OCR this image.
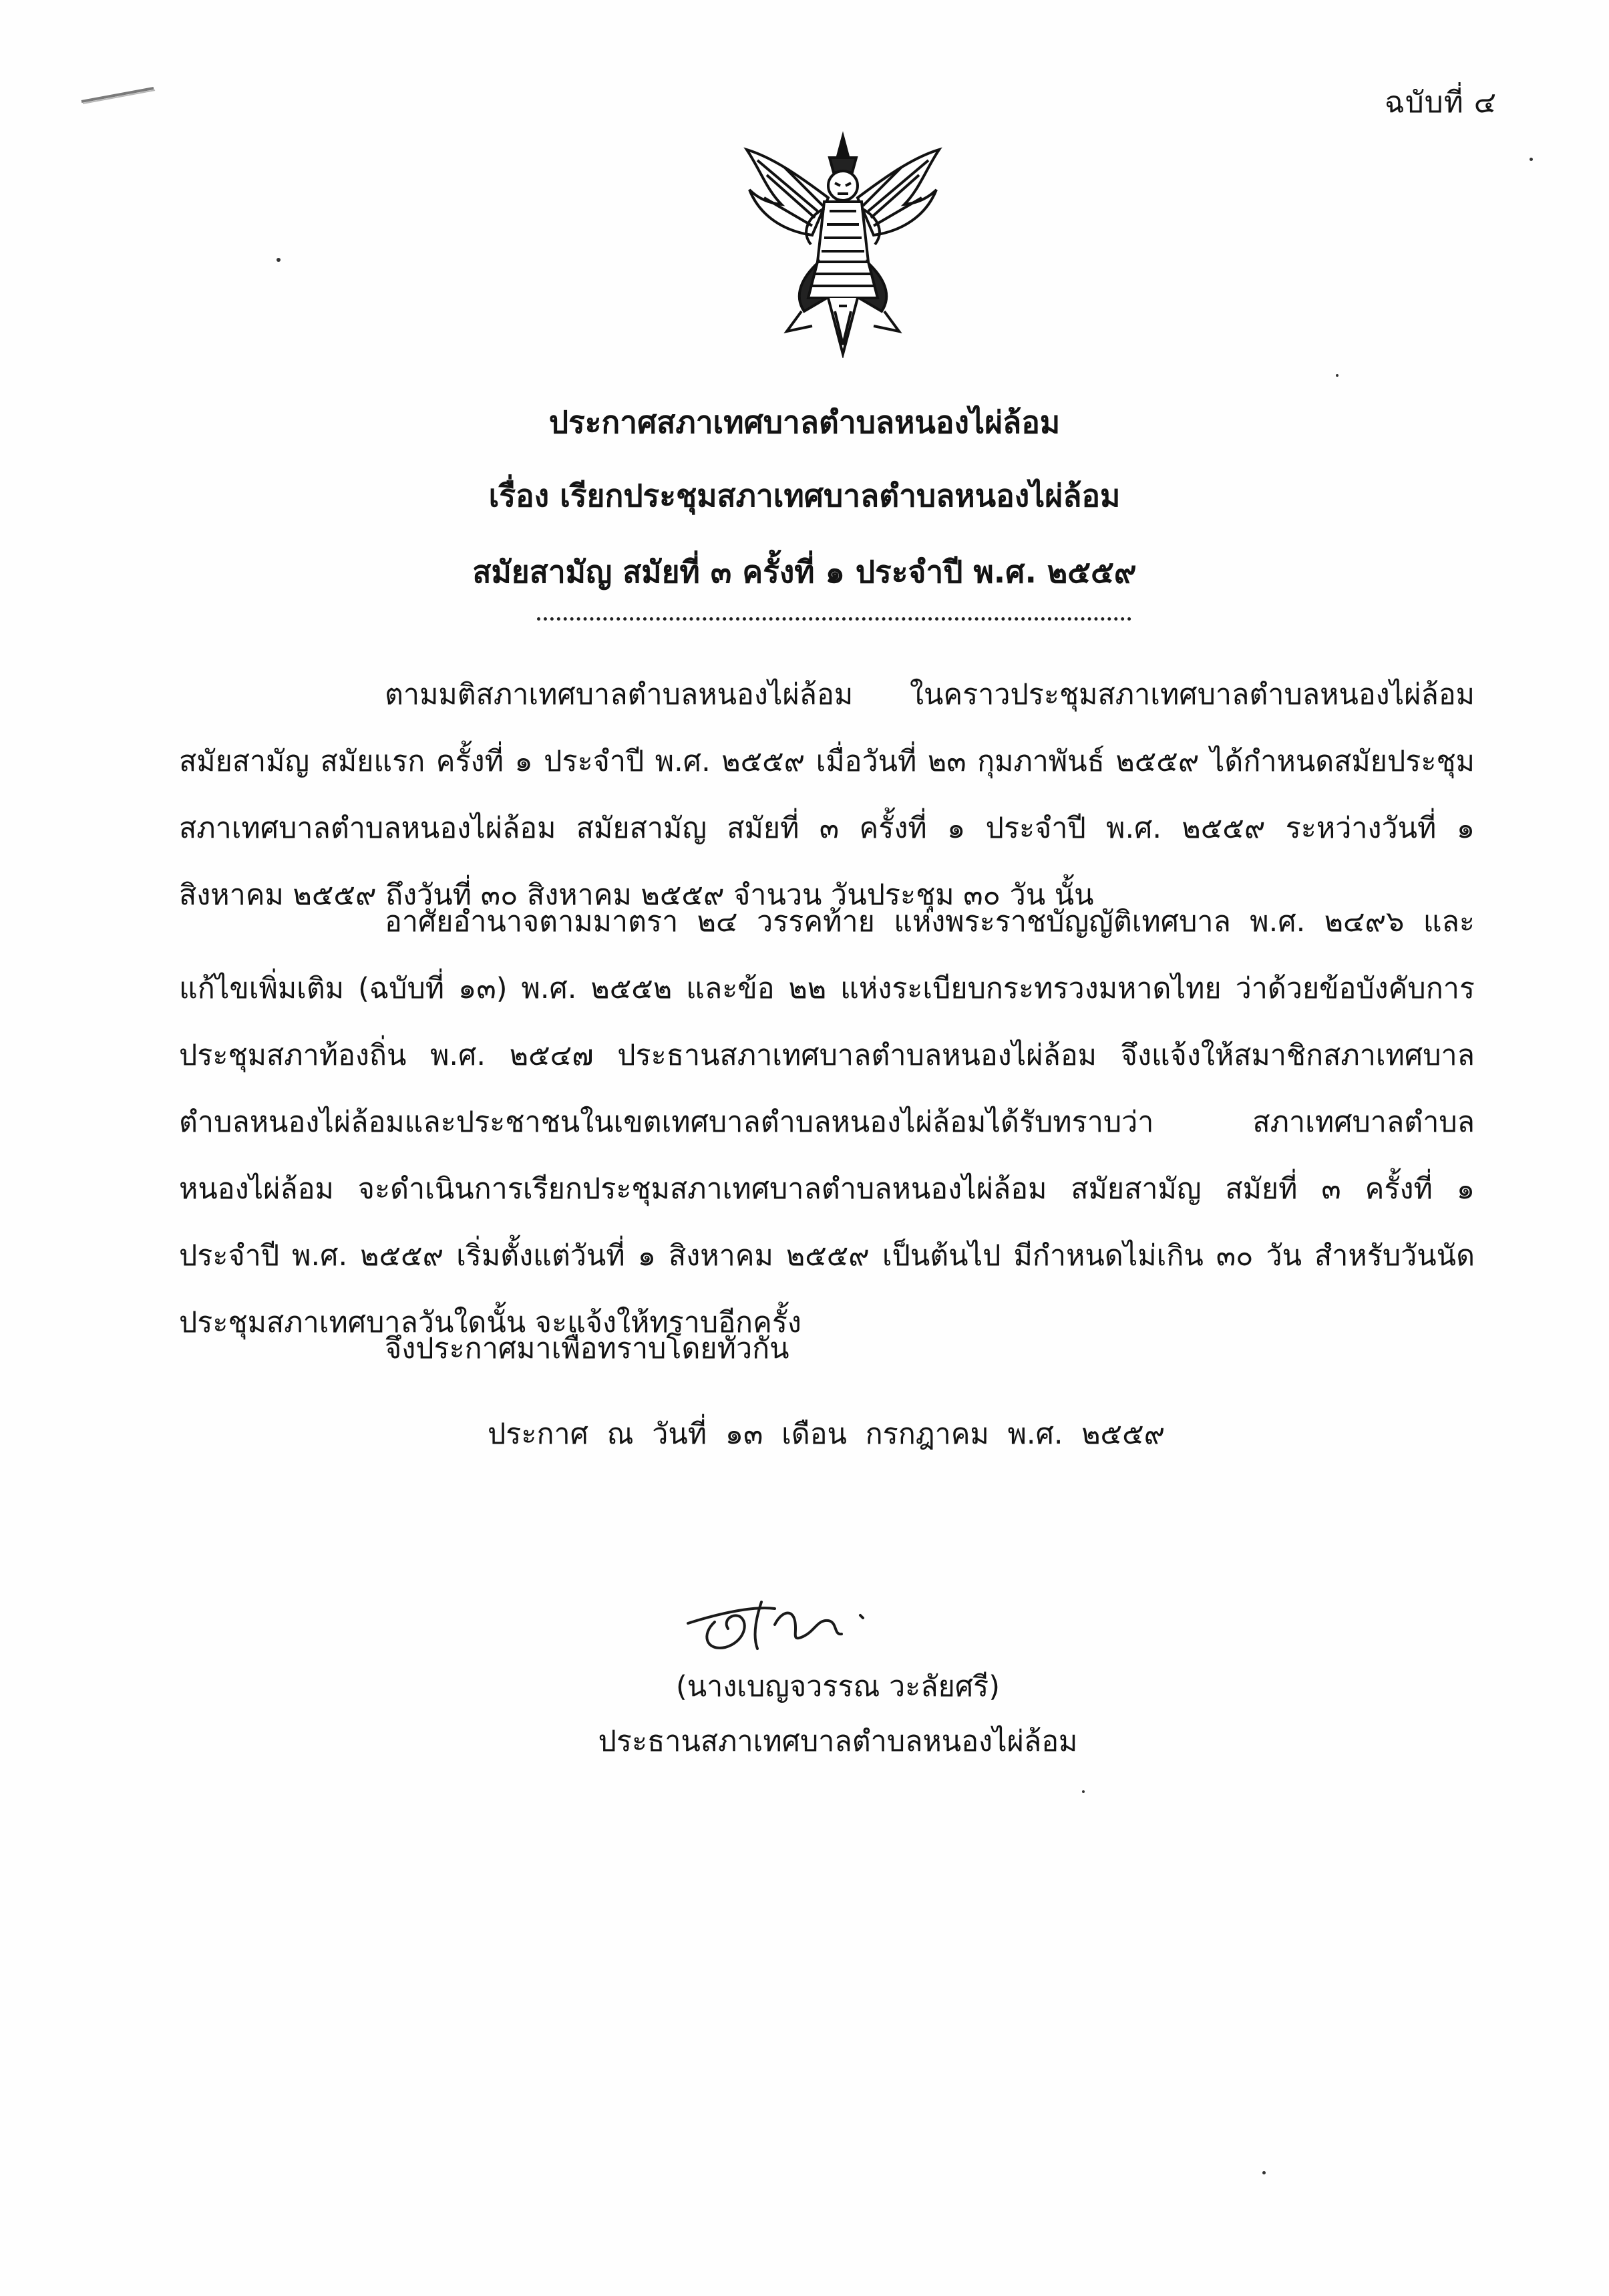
ฉบับที่ ๔
ประกาศสภาเทศบาลตำบลหนองไผ่ล้อม
เรื่อง เรียกประชุมสภาเทศบาลตำบลหนองไผ่ล้อม
สมัยสามัญ สมัยที่ ๓ ครั้งที่ ๑ ประจำปี พ.ศ. ๒๕๕๙
ตามมติสภาเทศบาลตำบลหนองไผ่ล้อม ในคราวประชุมสภาเทศบาลตำบลหนองไผ่ล้อม สมัยสามัญ สมัยแรก ครั้งที่ ๑ ประจำปี พ.ศ. ๒๕๕๙ เมื่อวันที่ ๒๓ กุมภาพันธ์ ๒๕๕๙ ได้กำหนดสมัยประชุม สภาเทศบาลตำบลหนองไผ่ล้อม สมัยสามัญ สมัยที่ ๓ ครั้งที่ ๑ ประจำปี พ.ศ. ๒๕๕๙ ระหว่างวันที่ ๑ สิงหาคม ๒๕๕๙ ถึงวันที่ ๓๐ สิงหาคม ๒๕๕๙ จำนวน วันประชุม ๓๐ วัน นั้น
อาศัยอำนาจตามมาตรา ๒๔ วรรคท้าย แห่งพระราชบัญญัติเทศบาล พ.ศ. ๒๔๙๖ และแก้ไขเพิ่มเติม (ฉบับที่ ๑๓) พ.ศ. ๒๕๕๒ และข้อ ๒๒ แห่งระเบียบกระทรวงมหาดไทย ว่าด้วยข้อบังคับการประชุมสภาท้องถิ่น พ.ศ. ๒๕๔๗ ประธานสภาเทศบาลตำบลหนองไผ่ล้อม จึงแจ้งให้สมาชิกสภาเทศบาลตำบลหนองไผ่ล้อมและประชาชนในเขตเทศบาลตำบลหนองไผ่ล้อมได้รับทราบว่า สภาเทศบาลตำบลหนองไผ่ล้อม จะดำเนินการเรียกประชุมสภาเทศบาลตำบลหนองไผ่ล้อม สมัยสามัญ สมัยที่ ๓ ครั้งที่ ๑ ประจำปี พ.ศ. ๒๕๕๙ เริ่มตั้งแต่วันที่ ๑ สิงหาคม ๒๕๕๙ เป็นต้นไป มีกำหนดไม่เกิน ๓๐ วัน สำหรับวันนัดประชุมสภาเทศบาลวันใดนั้น จะแจ้งให้ทราบอีกครั้ง
จึงประกาศมาเพื่อทราบโดยทั่วกัน
ประกาศ ณ วันที่ ๑๓ เดือน กรกฎาคม พ.ศ. ๒๕๕๙
(นางเบญจวรรณ วะลัยศรี)
ประธานสภาเทศบาลตำบลหนองไผ่ล้อม
